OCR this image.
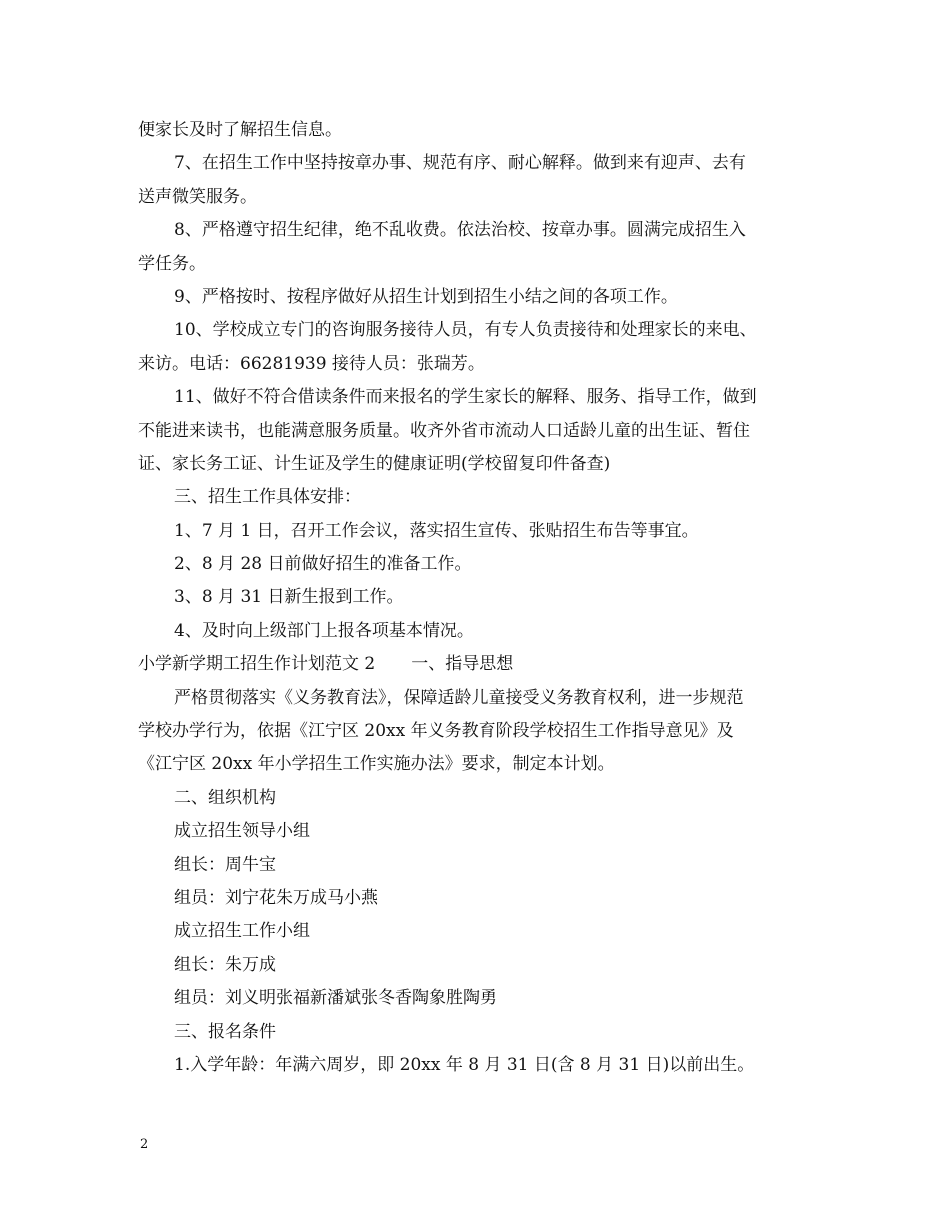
便家长及时了解招生信息。
7、在招生工作中坚持按章办事、规范有序、耐心解释。做到来有迎声、去有
送声微笑服务。
8、严格遵守招生纪律，绝不乱收费。依法治校、按章办事。圆满完成招生入
学任务。
9、严格按时、按程序做好从招生计划到招生小结之间的各项工作。
10、学校成立专门的咨询服务接待人员，有专人负责接待和处理家长的来电、
来访。电话：66281939 接待人员：张瑞芳。
11、做好不符合借读条件而来报名的学生家长的解释、服务、指导工作，做到
不能进来读书，也能满意服务质量。收齐外省市流动人口适龄儿童的出生证、暂住
证、家长务工证、计生证及学生的健康证明(学校留复印件备查)
三、招生工作具体安排：
1、7 月 1 日，召开工作会议，落实招生宣传、张贴招生布告等事宜。
2、8 月 28 日前做好招生的准备工作。
3、8 月 31 日新生报到工作。
4、及时向上级部门上报各项基本情况。
小学新学期工招生作计划范文 2 一、指导思想
严格贯彻落实《义务教育法》，保障适龄儿童接受义务教育权利，进一步规范
学校办学行为，依据《江宁区 20xx 年义务教育阶段学校招生工作指导意见》及
《江宁区 20xx 年小学招生工作实施办法》要求，制定本计划。
二、组织机构
成立招生领导小组
组长：周牛宝
组员：刘宁花朱万成马小燕
成立招生工作小组
组长：朱万成
组员：刘义明张福新潘斌张冬香陶象胜陶勇
三、报名条件
1.入学年龄：年满六周岁，即 20xx 年 8 月 31 日(含 8 月 31 日)以前出生。
2
